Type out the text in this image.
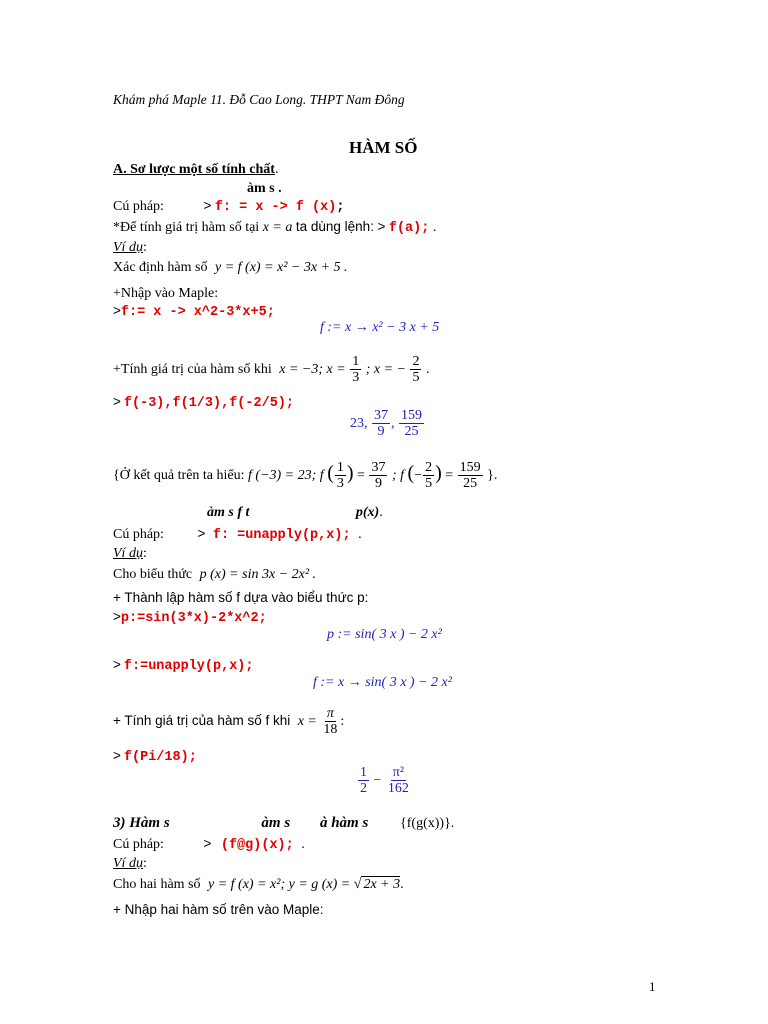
Khám phá Maple 11. Đỗ Cao Long. THPT Nam Đông
HÀM SỐ
A. Sơ lược một số tính chất.
àm s .
Cú pháp:	> f: = x -> f (x);
*Để tính giá trị hàm số tại x = a ta dùng lệnh: > f(a); .
Ví dụ:
Xác định hàm số y = f (x) = x² − 3x + 5 .
+Nhập vào Maple:
>f:= x -> x^2-3*x+5;
f := x → x² − 3 x + 5
+Tính giá trị của hàm số khi x = −3; $x = \frac{1}{3}$ ; x = − $\frac{2}{5}$ .
> f(-3),f(1/3),f(-2/5);
23, $\frac{37}{9}$ , $\frac{159}{25}$
{Ở kết quả trên ta hiểu: f (−3) = 23; f ( $\frac{1}{3}$ ) = $\frac{37}{9}$ ; f (− $\frac{2}{5}$ ) = $\frac{159}{25}$ }.
àm s f t	p(x).
Cú pháp: > f: =unapply(p,x); .
Ví dụ:
Cho biểu thức p (x) = sin 3x − 2x² .
+ Thành lập hàm số f dựa vào biểu thức p:
>p:=sin(3*x)-2*x^2;
p := sin( 3 x ) − 2 x²
> f:=unapply(p,x);
f := x → sin( 3 x ) − 2 x²
+ Tính giá trị của hàm số f khi $x = \frac{\pi}{18}$ :
> f(Pi/18);
$\frac{1}{2} - \frac{\text{π²}}{162}$
3) Hàm s	àm s à hàm s {f(g(x))}.
Cú pháp:	> (f@g)(x); .
Ví dụ:
Cho hai hàm số y = f (x) = x²; y = g (x) = √ 2x + 3.
+ Nhập hai hàm số trên vào Maple:
1
